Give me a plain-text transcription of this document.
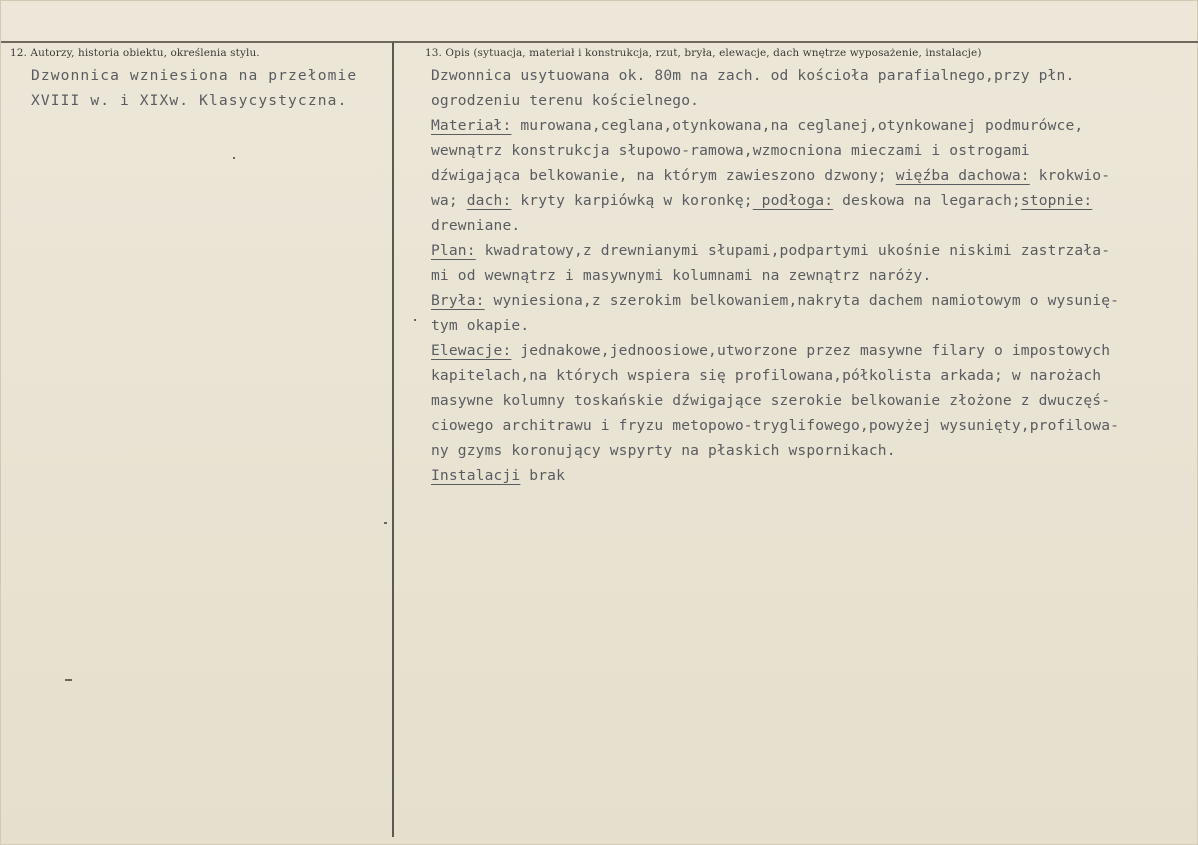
12. Autorzy, historia obiektu, określenia stylu.
Dzwonnica wzniesiona na przełomie
XVIII w. i XIXw. Klasycystyczna.
13. Opis (sytuacja, materiał i konstrukcja, rzut, bryła, elewacje, dach wnętrze wyposażenie, instalacje)
Dzwonnica usytuowana ok. 80m na zach. od kościoła parafialnego,przy płn.
ogrodzeniu terenu kościelnego.
Materiał: murowana,ceglana,otynkowana,na ceglanej,otynkowanej podmurówce,
wewnątrz konstrukcja słupowo-ramowa,wzmocniona mieczami i ostrogami
dźwigająca belkowanie, na którym zawieszono dzwony; więźba dachowa: krokwio-
wa; dach: kryty karpiówką w koronkę; podłoga: deskowa na legarach;stopnie:
drewniane.
Plan: kwadratowy,z drewnianymi słupami,podpartymi ukośnie niskimi zastrzała-
mi od wewnątrz i masywnymi kolumnami na zewnątrz naróży.
Bryła: wyniesiona,z szerokim belkowaniem,nakryta dachem namiotowym o wysunię-
tym okapie.
Elewacje: jednakowe,jednoosiowe,utworzone przez masywne filary o impostowych
kapitelach,na których wspiera się profilowana,półkolista arkada; w narożach
masywne kolumny toskańskie dźwigające szerokie belkowanie złożone z dwuczęś-
ciowego architrawu i fryzu metopowo-tryglifowego,powyżej wysunięty,profilowa-
ny gzyms koronujący wspyrty na płaskich wspornikach.
Instalacji brak
